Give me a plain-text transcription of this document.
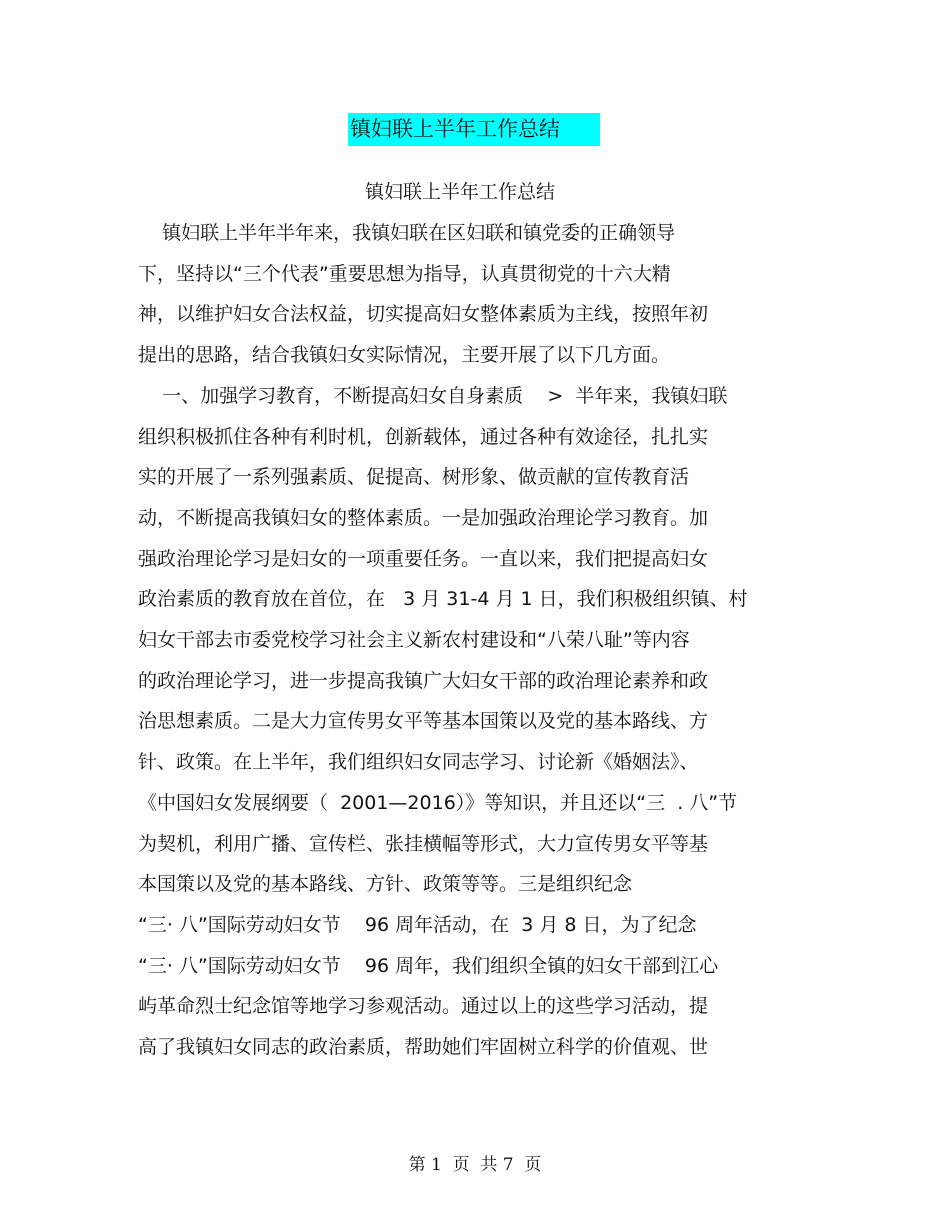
镇妇联上半年工作总结
镇妇联上半年工作总结
镇妇联上半年半年来，我镇妇联在区妇联和镇党委的正确领导
下，坚持以“三个代表”重要思想为指导，认真贯彻党的十六大精
神，以维护妇女合法权益，切实提高妇女整体素质为主线，按照年初
提出的思路，结合我镇妇女实际情况，主要开展了以下几方面。
一、加强学习教育，不断提高妇女自身素质    >  半年来，我镇妇联
组织积极抓住各种有利时机，创新载体，通过各种有效途径，扎扎实
实的开展了一系列强素质、促提高、树形象、做贡献的宣传教育活
动，不断提高我镇妇女的整体素质。一是加强政治理论学习教育。加
强政治理论学习是妇女的一项重要任务。一直以来，我们把提高妇女
政治素质的教育放在首位，在   3 月 31-4 月 1 日，我们积极组织镇、村
妇女干部去市委党校学习社会主义新农村建设和“八荣八耻”等内容
的政治理论学习，进一步提高我镇广大妇女干部的政治理论素养和政
治思想素质。二是大力宣传男女平等基本国策以及党的基本路线、方
针、政策。在上半年，我们组织妇女同志学习、讨论新《婚姻法》、
《中国妇女发展纲要（  2001—2016）》等知识，并且还以“三  . 八”节
为契机，利用广播、宣传栏、张挂横幅等形式，大力宣传男女平等基
本国策以及党的基本路线、方针、政策等等。三是组织纪念
“三· 八”国际劳动妇女节    96 周年活动，在  3 月 8 日，为了纪念
“三· 八”国际劳动妇女节    96 周年，我们组织全镇的妇女干部到江心
屿革命烈士纪念馆等地学习参观活动。通过以上的这些学习活动，提
高了我镇妇女同志的政治素质，帮助她们牢固树立科学的价值观、世
第 1  页  共 7  页
